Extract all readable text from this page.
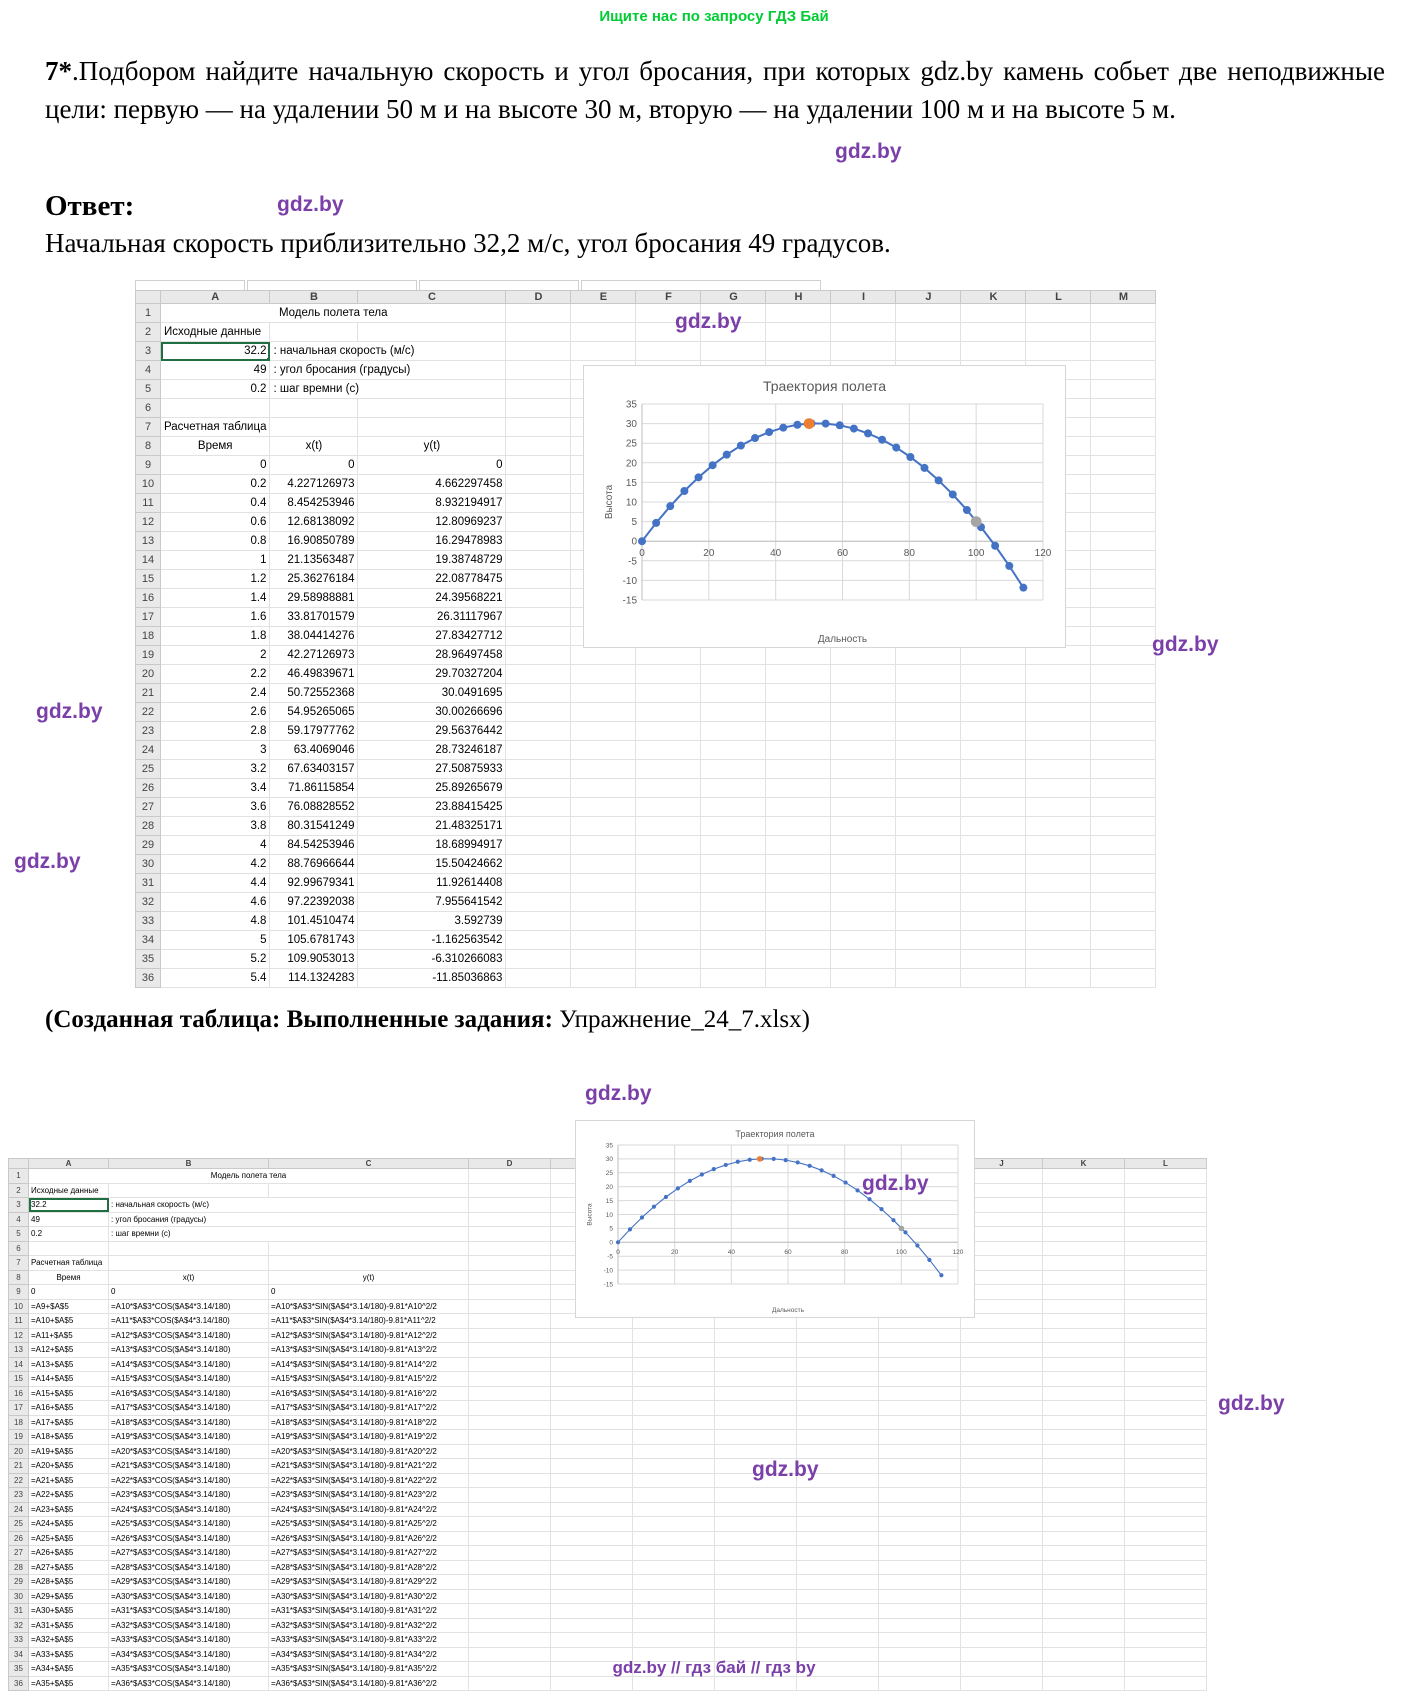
Ищите нас по запросу ГДЗ Бай
7*.Подбором найдите начальную скорость и угол бросания, при которых gdz.by камень собьет две неподвижные цели: первую — на удалении 50 м и на высоте 30 м, вторую — на удалении 100 м и на высоте 5 м.
Ответ:
Начальная скорость приблизительно 32,2 м/с, угол бросания 49 градусов.
	A	B	C	D	E	F	G	H	I	J	K	L	M
1	Модель полета тела												
2	Исходные данные												
3	32.2	: начальная скорость (м/с)											
4	49	: угол бросания (градусы)											
5	0.2	: шаг времни (с)											
6													
7	Расчетная таблица												
8	Время	x(t)	y(t)										
9	0	0	0										
10	0.2	4.227126973	4.662297458										
11	0.4	8.454253946	8.932194917										
12	0.6	12.68138092	12.80969237										
13	0.8	16.90850789	16.29478983										
14	1	21.13563487	19.38748729										
15	1.2	25.36276184	22.08778475										
16	1.4	29.58988881	24.39568221										
17	1.6	33.81701579	26.31117967										
18	1.8	38.04414276	27.83427712										
19	2	42.27126973	28.96497458										
20	2.2	46.49839671	29.70327204										
21	2.4	50.72552368	30.0491695										
22	2.6	54.95265065	30.00266696										
23	2.8	59.17977762	29.56376442										
24	3	63.4069046	28.73246187										
25	3.2	67.63403157	27.50875933										
26	3.4	71.86115854	25.89265679										
27	3.6	76.08828552	23.88415425										
28	3.8	80.31541249	21.48325171										
29	4	84.54253946	18.68994917										
30	4.2	88.76966644	15.50424662										
31	4.4	92.99679341	11.92614408										
32	4.6	97.22392038	7.955641542										
33	4.8	101.4510474	3.592739										
34	5	105.6781743	-1.162563542										
35	5.2	109.9053013	-6.310266083										
36	5.4	114.1324283	-11.85036863										
Траектория полета
-15
-10
-5
0
5
10
15
20
25
30
35
0	20	40	60	80	100	120
Высота
Дальность
(Созданная таблица: Выполненные задания: Упражнение_24_7.xlsx)
	A	B	C	D						J	K	L
1	Модель полета тела											
2	Исходные данные											
3	32.2	: начальная скорость (м/с)										
4	49	: угол бросания (градусы)										
5	0.2	: шаг времни (с)										
6												
7	Расчетная таблица											
8	Время	x(t)	y(t)									
9	0	0	0									
10	=A9+$A$5	=A10*$A$3*COS($A$4*3.14/180)	=A10*$A$3*SIN($A$4*3.14/180)-9.81*A10^2/2									
11	=A10+$A$5	=A11*$A$3*COS($A$4*3.14/180)	=A11*$A$3*SIN($A$4*3.14/180)-9.81*A11^2/2									
12	=A11+$A$5	=A12*$A$3*COS($A$4*3.14/180)	=A12*$A$3*SIN($A$4*3.14/180)-9.81*A12^2/2									
13	=A12+$A$5	=A13*$A$3*COS($A$4*3.14/180)	=A13*$A$3*SIN($A$4*3.14/180)-9.81*A13^2/2									
14	=A13+$A$5	=A14*$A$3*COS($A$4*3.14/180)	=A14*$A$3*SIN($A$4*3.14/180)-9.81*A14^2/2									
15	=A14+$A$5	=A15*$A$3*COS($A$4*3.14/180)	=A15*$A$3*SIN($A$4*3.14/180)-9.81*A15^2/2									
16	=A15+$A$5	=A16*$A$3*COS($A$4*3.14/180)	=A16*$A$3*SIN($A$4*3.14/180)-9.81*A16^2/2									
17	=A16+$A$5	=A17*$A$3*COS($A$4*3.14/180)	=A17*$A$3*SIN($A$4*3.14/180)-9.81*A17^2/2									
18	=A17+$A$5	=A18*$A$3*COS($A$4*3.14/180)	=A18*$A$3*SIN($A$4*3.14/180)-9.81*A18^2/2									
19	=A18+$A$5	=A19*$A$3*COS($A$4*3.14/180)	=A19*$A$3*SIN($A$4*3.14/180)-9.81*A19^2/2									
20	=A19+$A$5	=A20*$A$3*COS($A$4*3.14/180)	=A20*$A$3*SIN($A$4*3.14/180)-9.81*A20^2/2									
21	=A20+$A$5	=A21*$A$3*COS($A$4*3.14/180)	=A21*$A$3*SIN($A$4*3.14/180)-9.81*A21^2/2									
22	=A21+$A$5	=A22*$A$3*COS($A$4*3.14/180)	=A22*$A$3*SIN($A$4*3.14/180)-9.81*A22^2/2									
23	=A22+$A$5	=A23*$A$3*COS($A$4*3.14/180)	=A23*$A$3*SIN($A$4*3.14/180)-9.81*A23^2/2									
24	=A23+$A$5	=A24*$A$3*COS($A$4*3.14/180)	=A24*$A$3*SIN($A$4*3.14/180)-9.81*A24^2/2									
25	=A24+$A$5	=A25*$A$3*COS($A$4*3.14/180)	=A25*$A$3*SIN($A$4*3.14/180)-9.81*A25^2/2									
26	=A25+$A$5	=A26*$A$3*COS($A$4*3.14/180)	=A26*$A$3*SIN($A$4*3.14/180)-9.81*A26^2/2									
27	=A26+$A$5	=A27*$A$3*COS($A$4*3.14/180)	=A27*$A$3*SIN($A$4*3.14/180)-9.81*A27^2/2									
28	=A27+$A$5	=A28*$A$3*COS($A$4*3.14/180)	=A28*$A$3*SIN($A$4*3.14/180)-9.81*A28^2/2									
29	=A28+$A$5	=A29*$A$3*COS($A$4*3.14/180)	=A29*$A$3*SIN($A$4*3.14/180)-9.81*A29^2/2									
30	=A29+$A$5	=A30*$A$3*COS($A$4*3.14/180)	=A30*$A$3*SIN($A$4*3.14/180)-9.81*A30^2/2									
31	=A30+$A$5	=A31*$A$3*COS($A$4*3.14/180)	=A31*$A$3*SIN($A$4*3.14/180)-9.81*A31^2/2									
32	=A31+$A$5	=A32*$A$3*COS($A$4*3.14/180)	=A32*$A$3*SIN($A$4*3.14/180)-9.81*A32^2/2									
33	=A32+$A$5	=A33*$A$3*COS($A$4*3.14/180)	=A33*$A$3*SIN($A$4*3.14/180)-9.81*A33^2/2									
34	=A33+$A$5	=A34*$A$3*COS($A$4*3.14/180)	=A34*$A$3*SIN($A$4*3.14/180)-9.81*A34^2/2									
35	=A34+$A$5	=A35*$A$3*COS($A$4*3.14/180)	=A35*$A$3*SIN($A$4*3.14/180)-9.81*A35^2/2									
36	=A35+$A$5	=A36*$A$3*COS($A$4*3.14/180)	=A36*$A$3*SIN($A$4*3.14/180)-9.81*A36^2/2									
Траектория полета
-15
-10
-5
0
5
10
15
20
25
30
35
0	20	40	60	80	100	120
Высота
Дальность
gdz.by // гдз бай // гдз by
gdz.by
gdz.by
gdz.by
gdz.by
gdz.by
gdz.by
gdz.by
gdz.by
gdz.by
gdz.by
